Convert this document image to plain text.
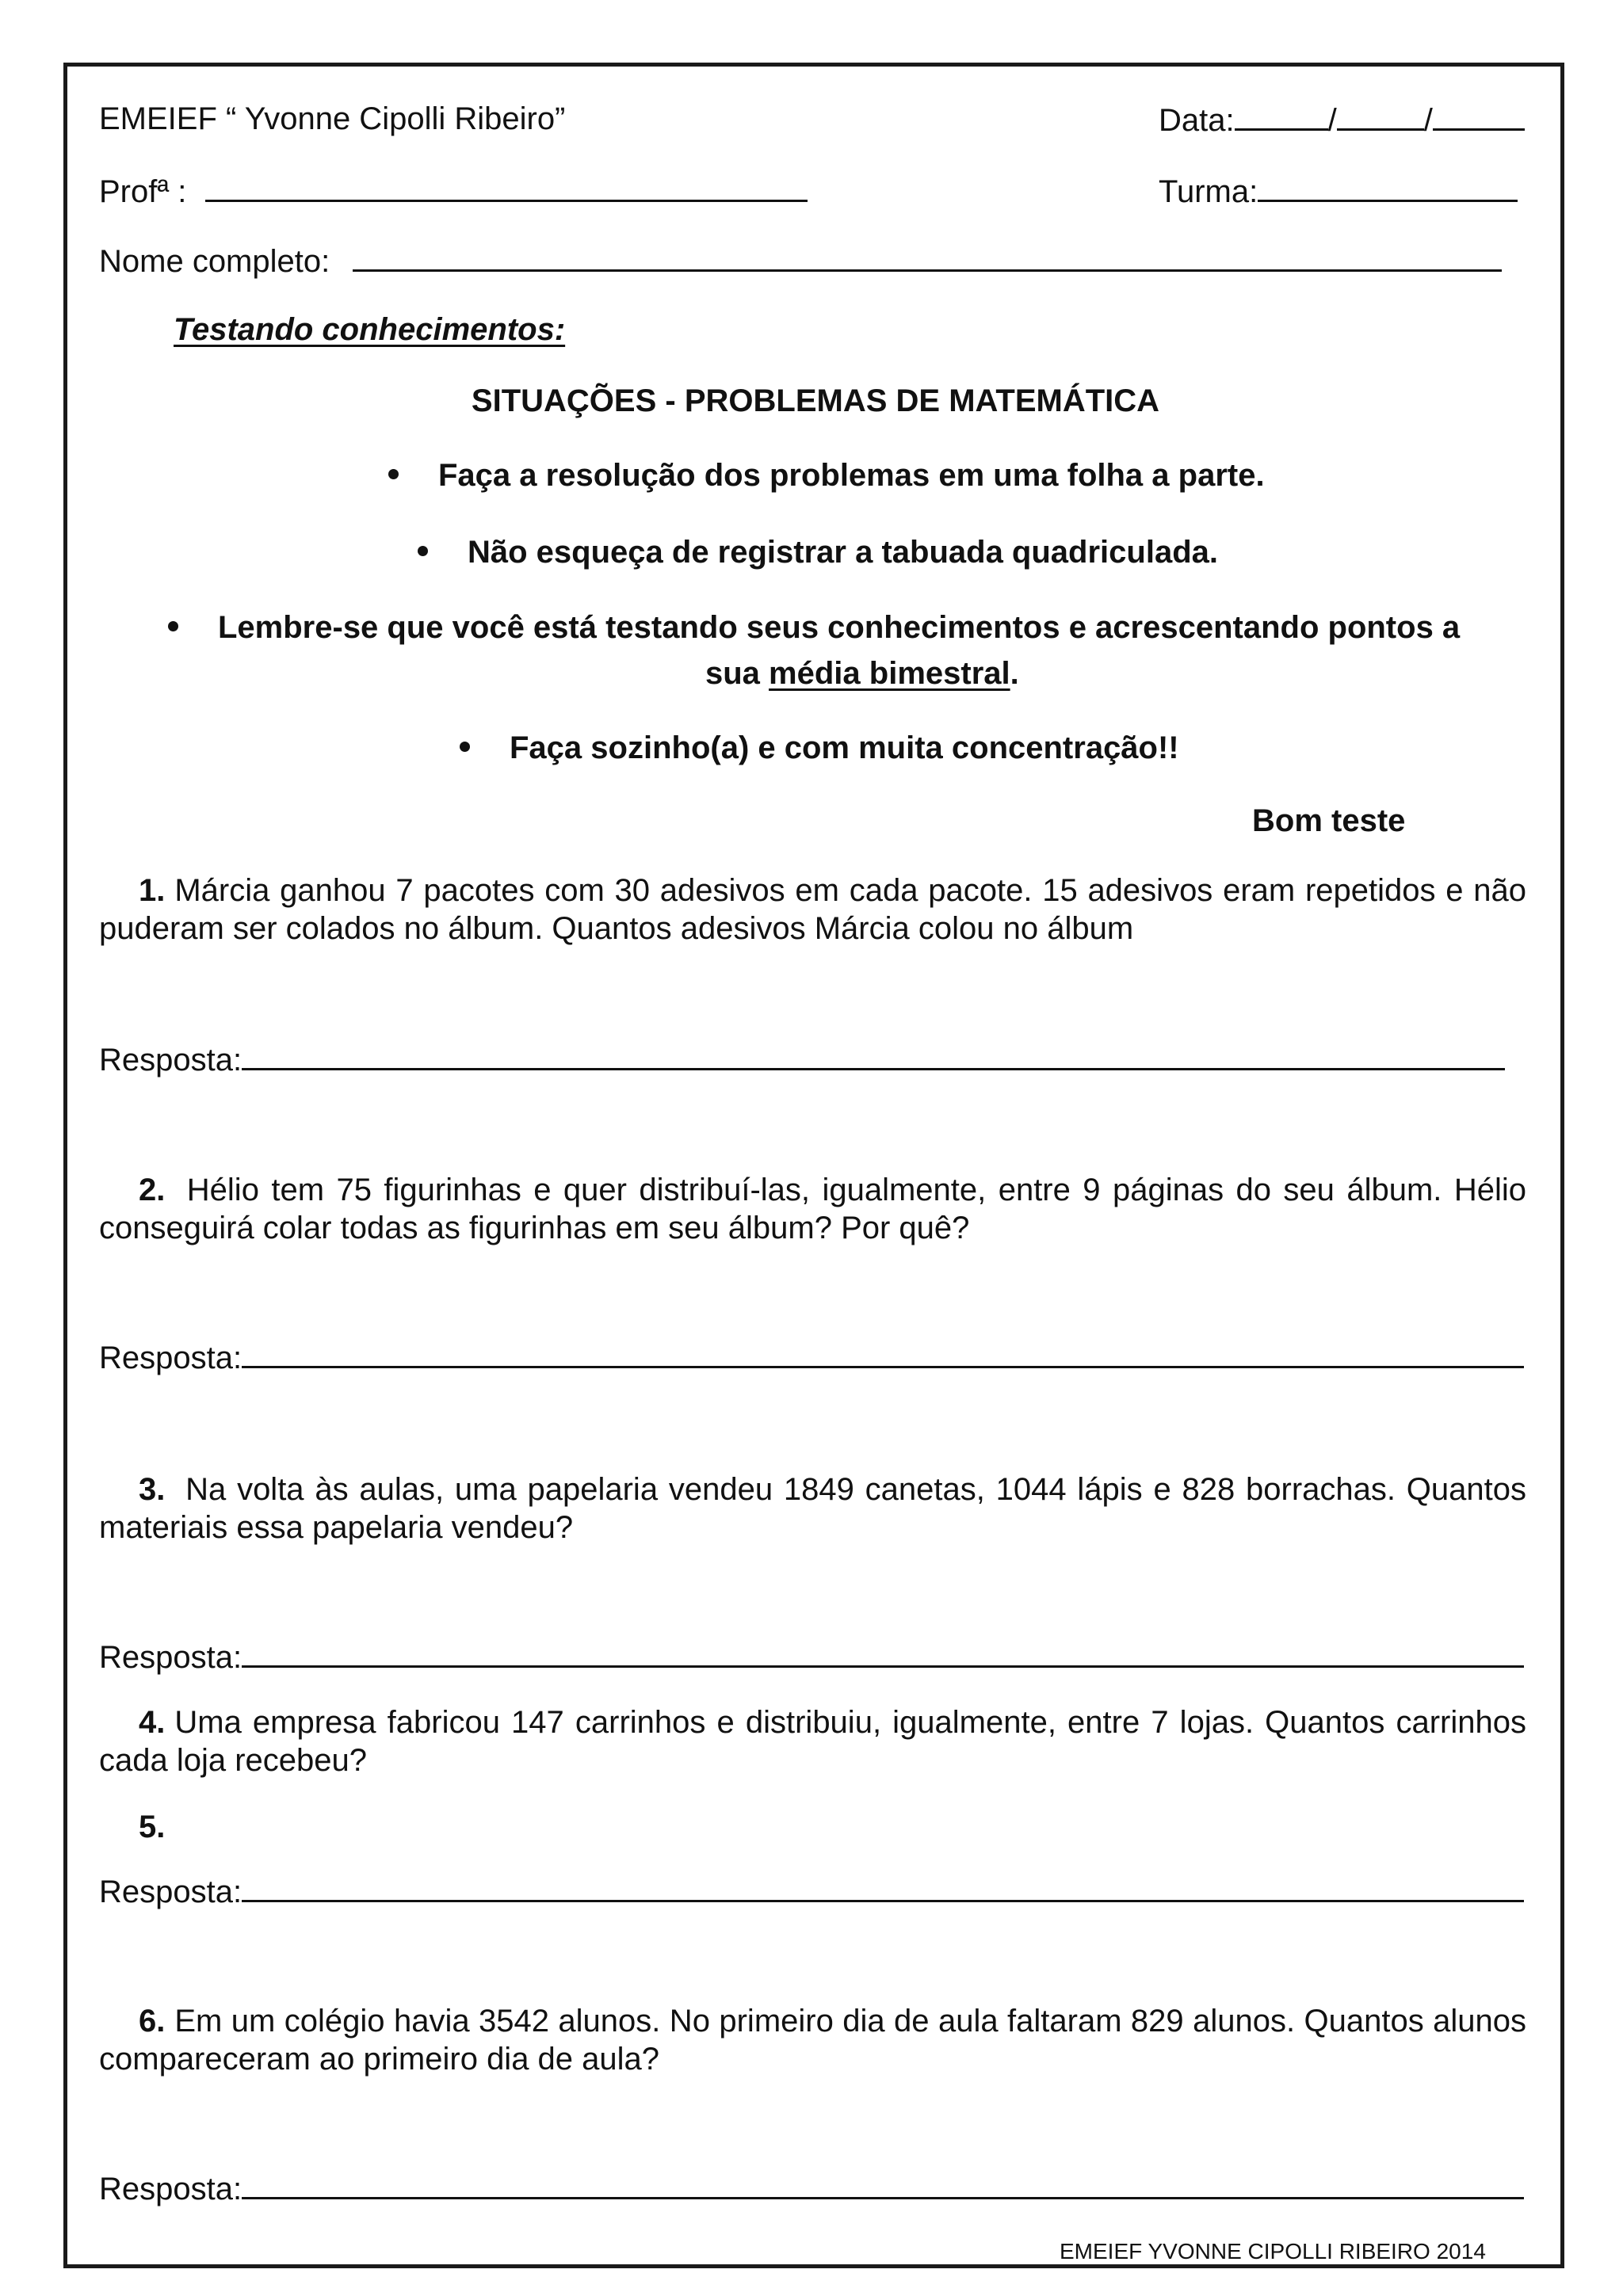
EMEIEF “ Yvonne Cipolli Ribeiro”	Data:	/	/
Profª :	Turma:
Nome completo:
Testando conhecimentos:
SITUAÇÕES - PROBLEMAS DE MATEMÁTICA
Faça a resolução dos problemas em uma folha a parte.
Não esqueça de registrar a tabuada quadriculada.
Lembre-se que você está testando seus conhecimentos e acrescentando pontos a
sua média bimestral.
Faça sozinho(a) e com muita concentração!!
Bom teste
1. Márcia ganhou 7 pacotes com 30 adesivos em cada pacote. 15 adesivos eram repetidos e não puderam ser colados no álbum. Quantos adesivos Márcia colou no álbum
Resposta:
2. Hélio tem 75 figurinhas e quer distribuí-las, igualmente, entre 9 páginas do seu álbum. Hélio conseguirá colar todas as figurinhas em seu álbum? Por quê?
Resposta:
3. Na volta às aulas, uma papelaria vendeu 1849 canetas, 1044 lápis e 828 borrachas. Quantos materiais essa papelaria vendeu?
Resposta:
4. Uma empresa fabricou 147 carrinhos e distribuiu, igualmente, entre 7 lojas. Quantos carrinhos cada loja recebeu?
5.
Resposta:
6. Em um colégio havia 3542 alunos. No primeiro dia de aula faltaram 829 alunos. Quantos alunos compareceram ao primeiro dia de aula?
Resposta:
EMEIEF YVONNE CIPOLLI RIBEIRO 2014
